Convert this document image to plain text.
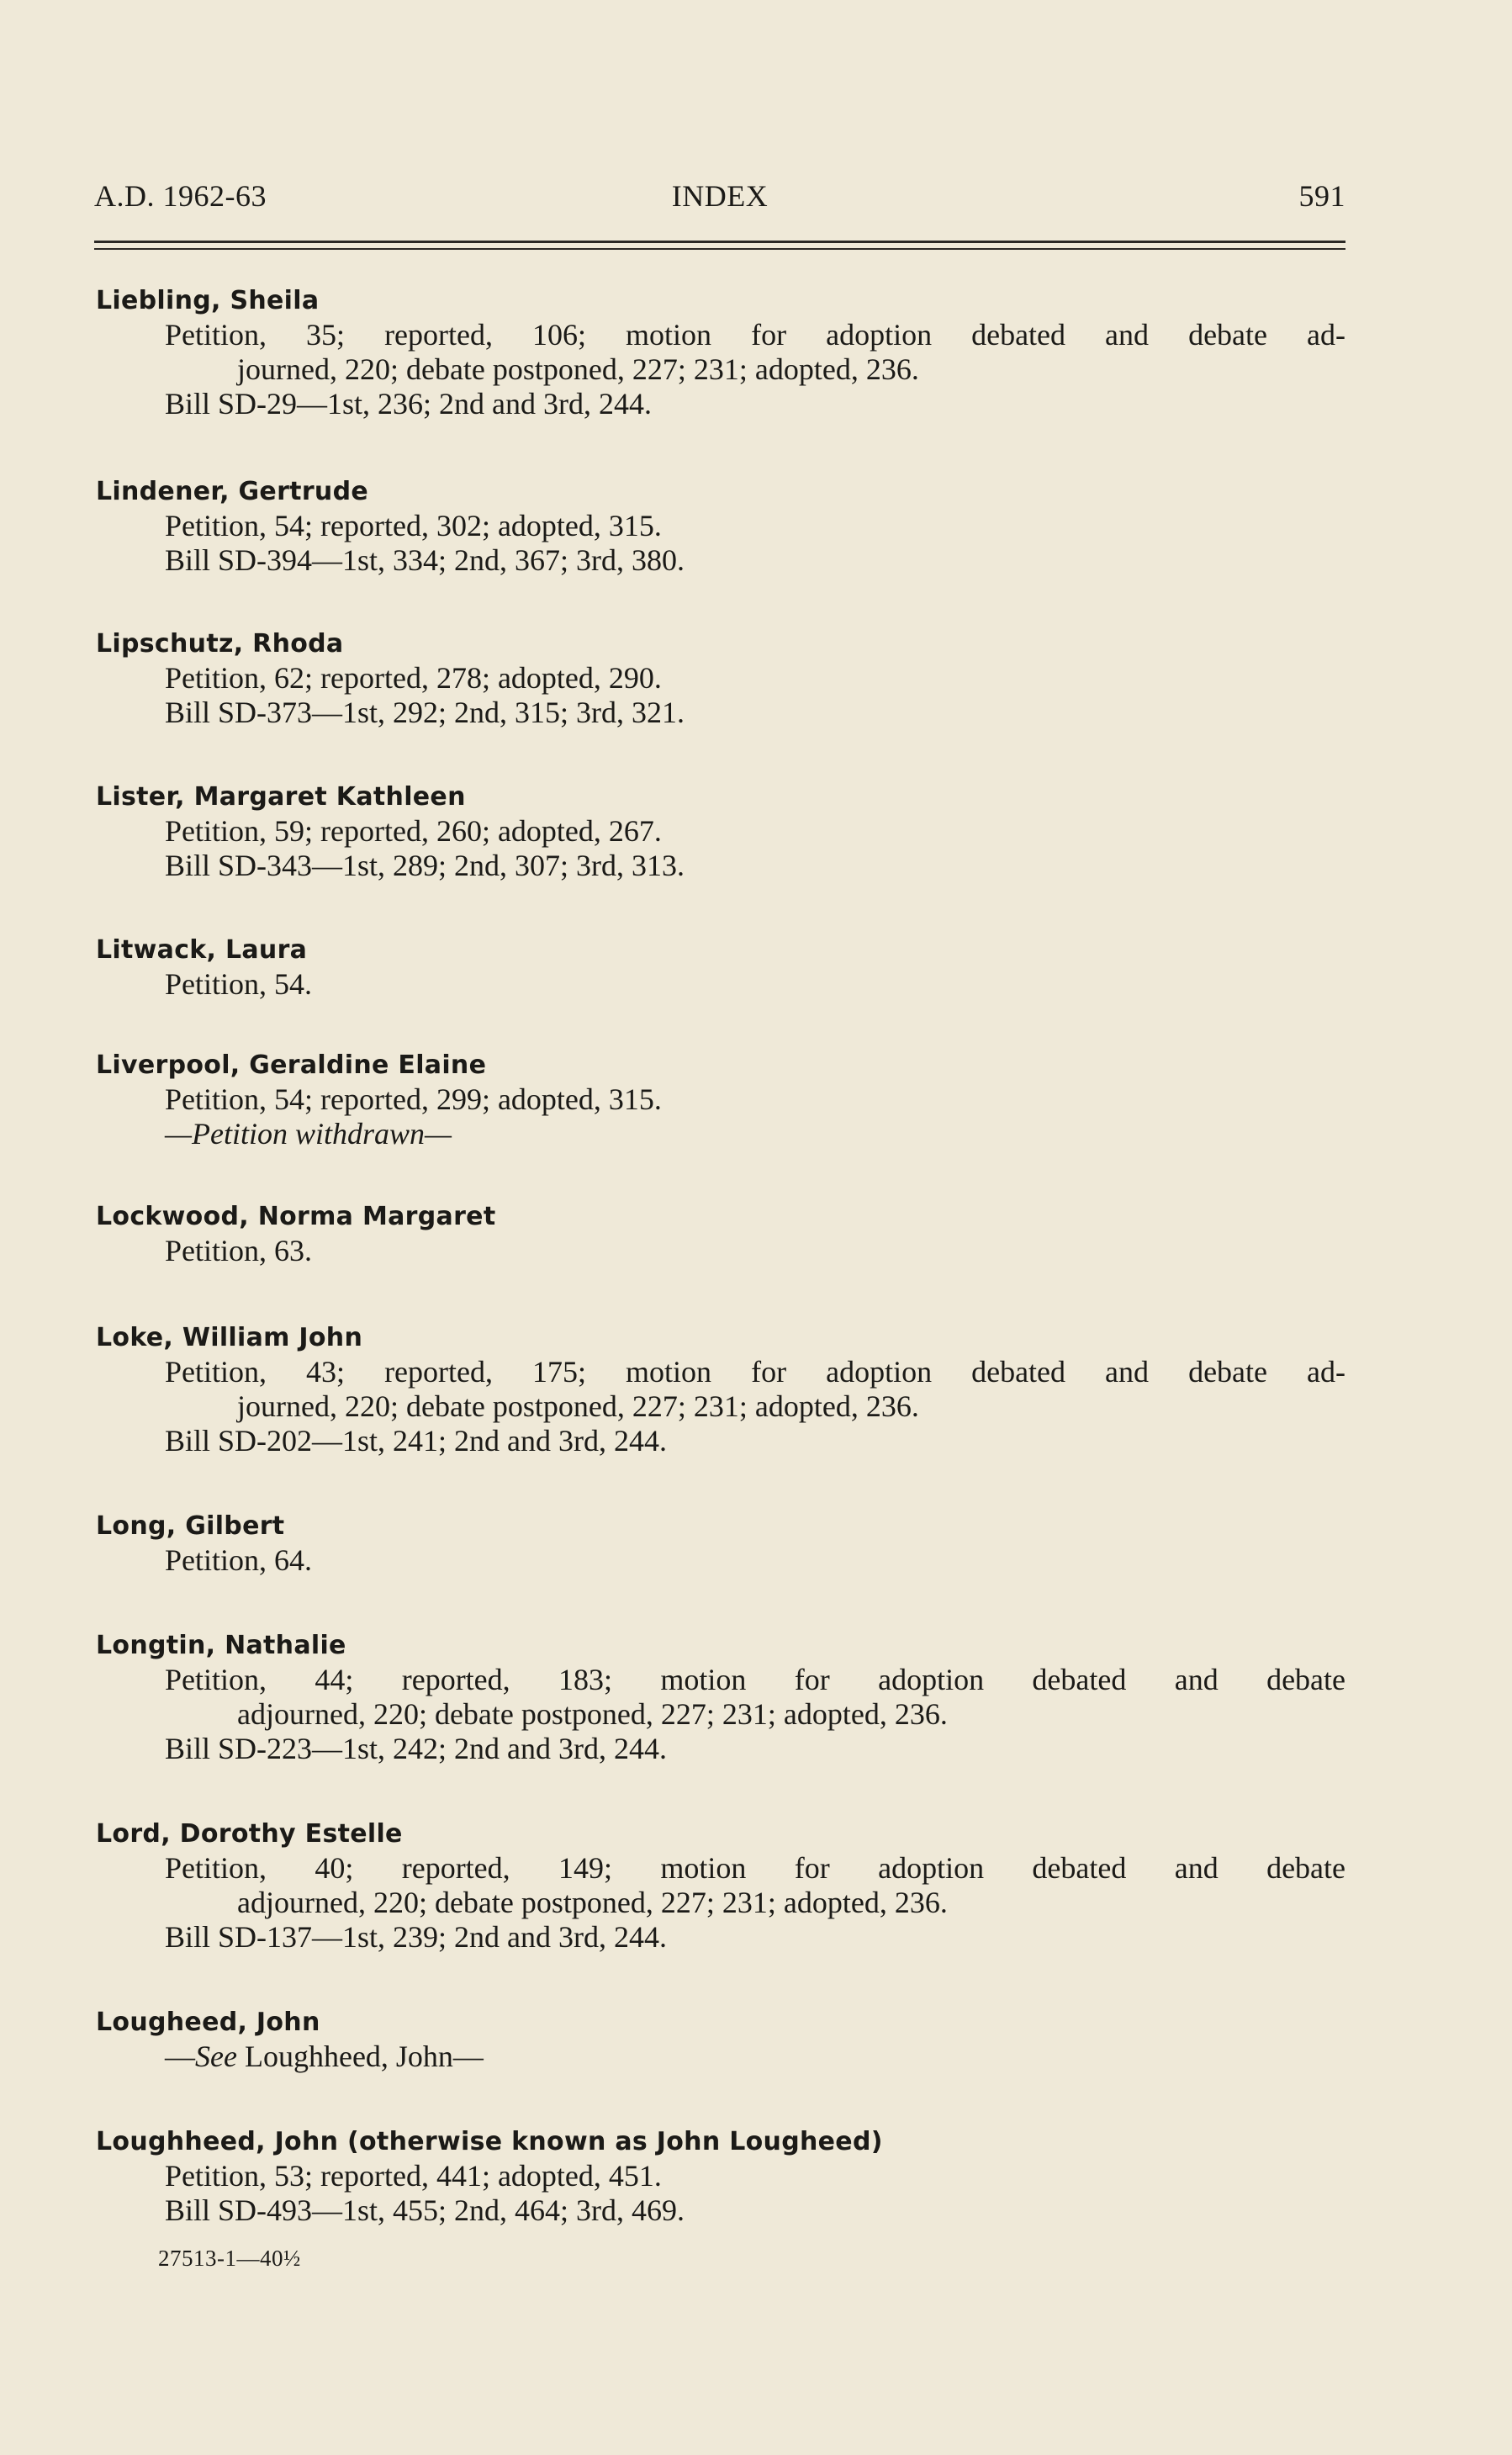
A.D. 1962-63	INDEX	591
Liebling, Sheila
Petition, 35; reported, 106; motion for adoption debated and debate ad-
journed, 220; debate postponed, 227; 231; adopted, 236.
Bill SD-29—1st, 236; 2nd and 3rd, 244.
Lindener, Gertrude
Petition, 54; reported, 302; adopted, 315.
Bill SD-394—1st, 334; 2nd, 367; 3rd, 380.
Lipschutz, Rhoda
Petition, 62; reported, 278; adopted, 290.
Bill SD-373—1st, 292; 2nd, 315; 3rd, 321.
Lister, Margaret Kathleen
Petition, 59; reported, 260; adopted, 267.
Bill SD-343—1st, 289; 2nd, 307; 3rd, 313.
Litwack, Laura
Petition, 54.
Liverpool, Geraldine Elaine
Petition, 54; reported, 299; adopted, 315.
—Petition withdrawn—
Lockwood, Norma Margaret
Petition, 63.
Loke, William John
Petition, 43; reported, 175; motion for adoption debated and debate ad-
journed, 220; debate postponed, 227; 231; adopted, 236.
Bill SD-202—1st, 241; 2nd and 3rd, 244.
Long, Gilbert
Petition, 64.
Longtin, Nathalie
Petition, 44; reported, 183; motion for adoption debated and debate
adjourned, 220; debate postponed, 227; 231; adopted, 236.
Bill SD-223—1st, 242; 2nd and 3rd, 244.
Lord, Dorothy Estelle
Petition, 40; reported, 149; motion for adoption debated and debate
adjourned, 220; debate postponed, 227; 231; adopted, 236.
Bill SD-137—1st, 239; 2nd and 3rd, 244.
Lougheed, John
—See Loughheed, John—
Loughheed, John (otherwise known as John Lougheed)
Petition, 53; reported, 441; adopted, 451.
Bill SD-493—1st, 455; 2nd, 464; 3rd, 469.
27513-1—40½
